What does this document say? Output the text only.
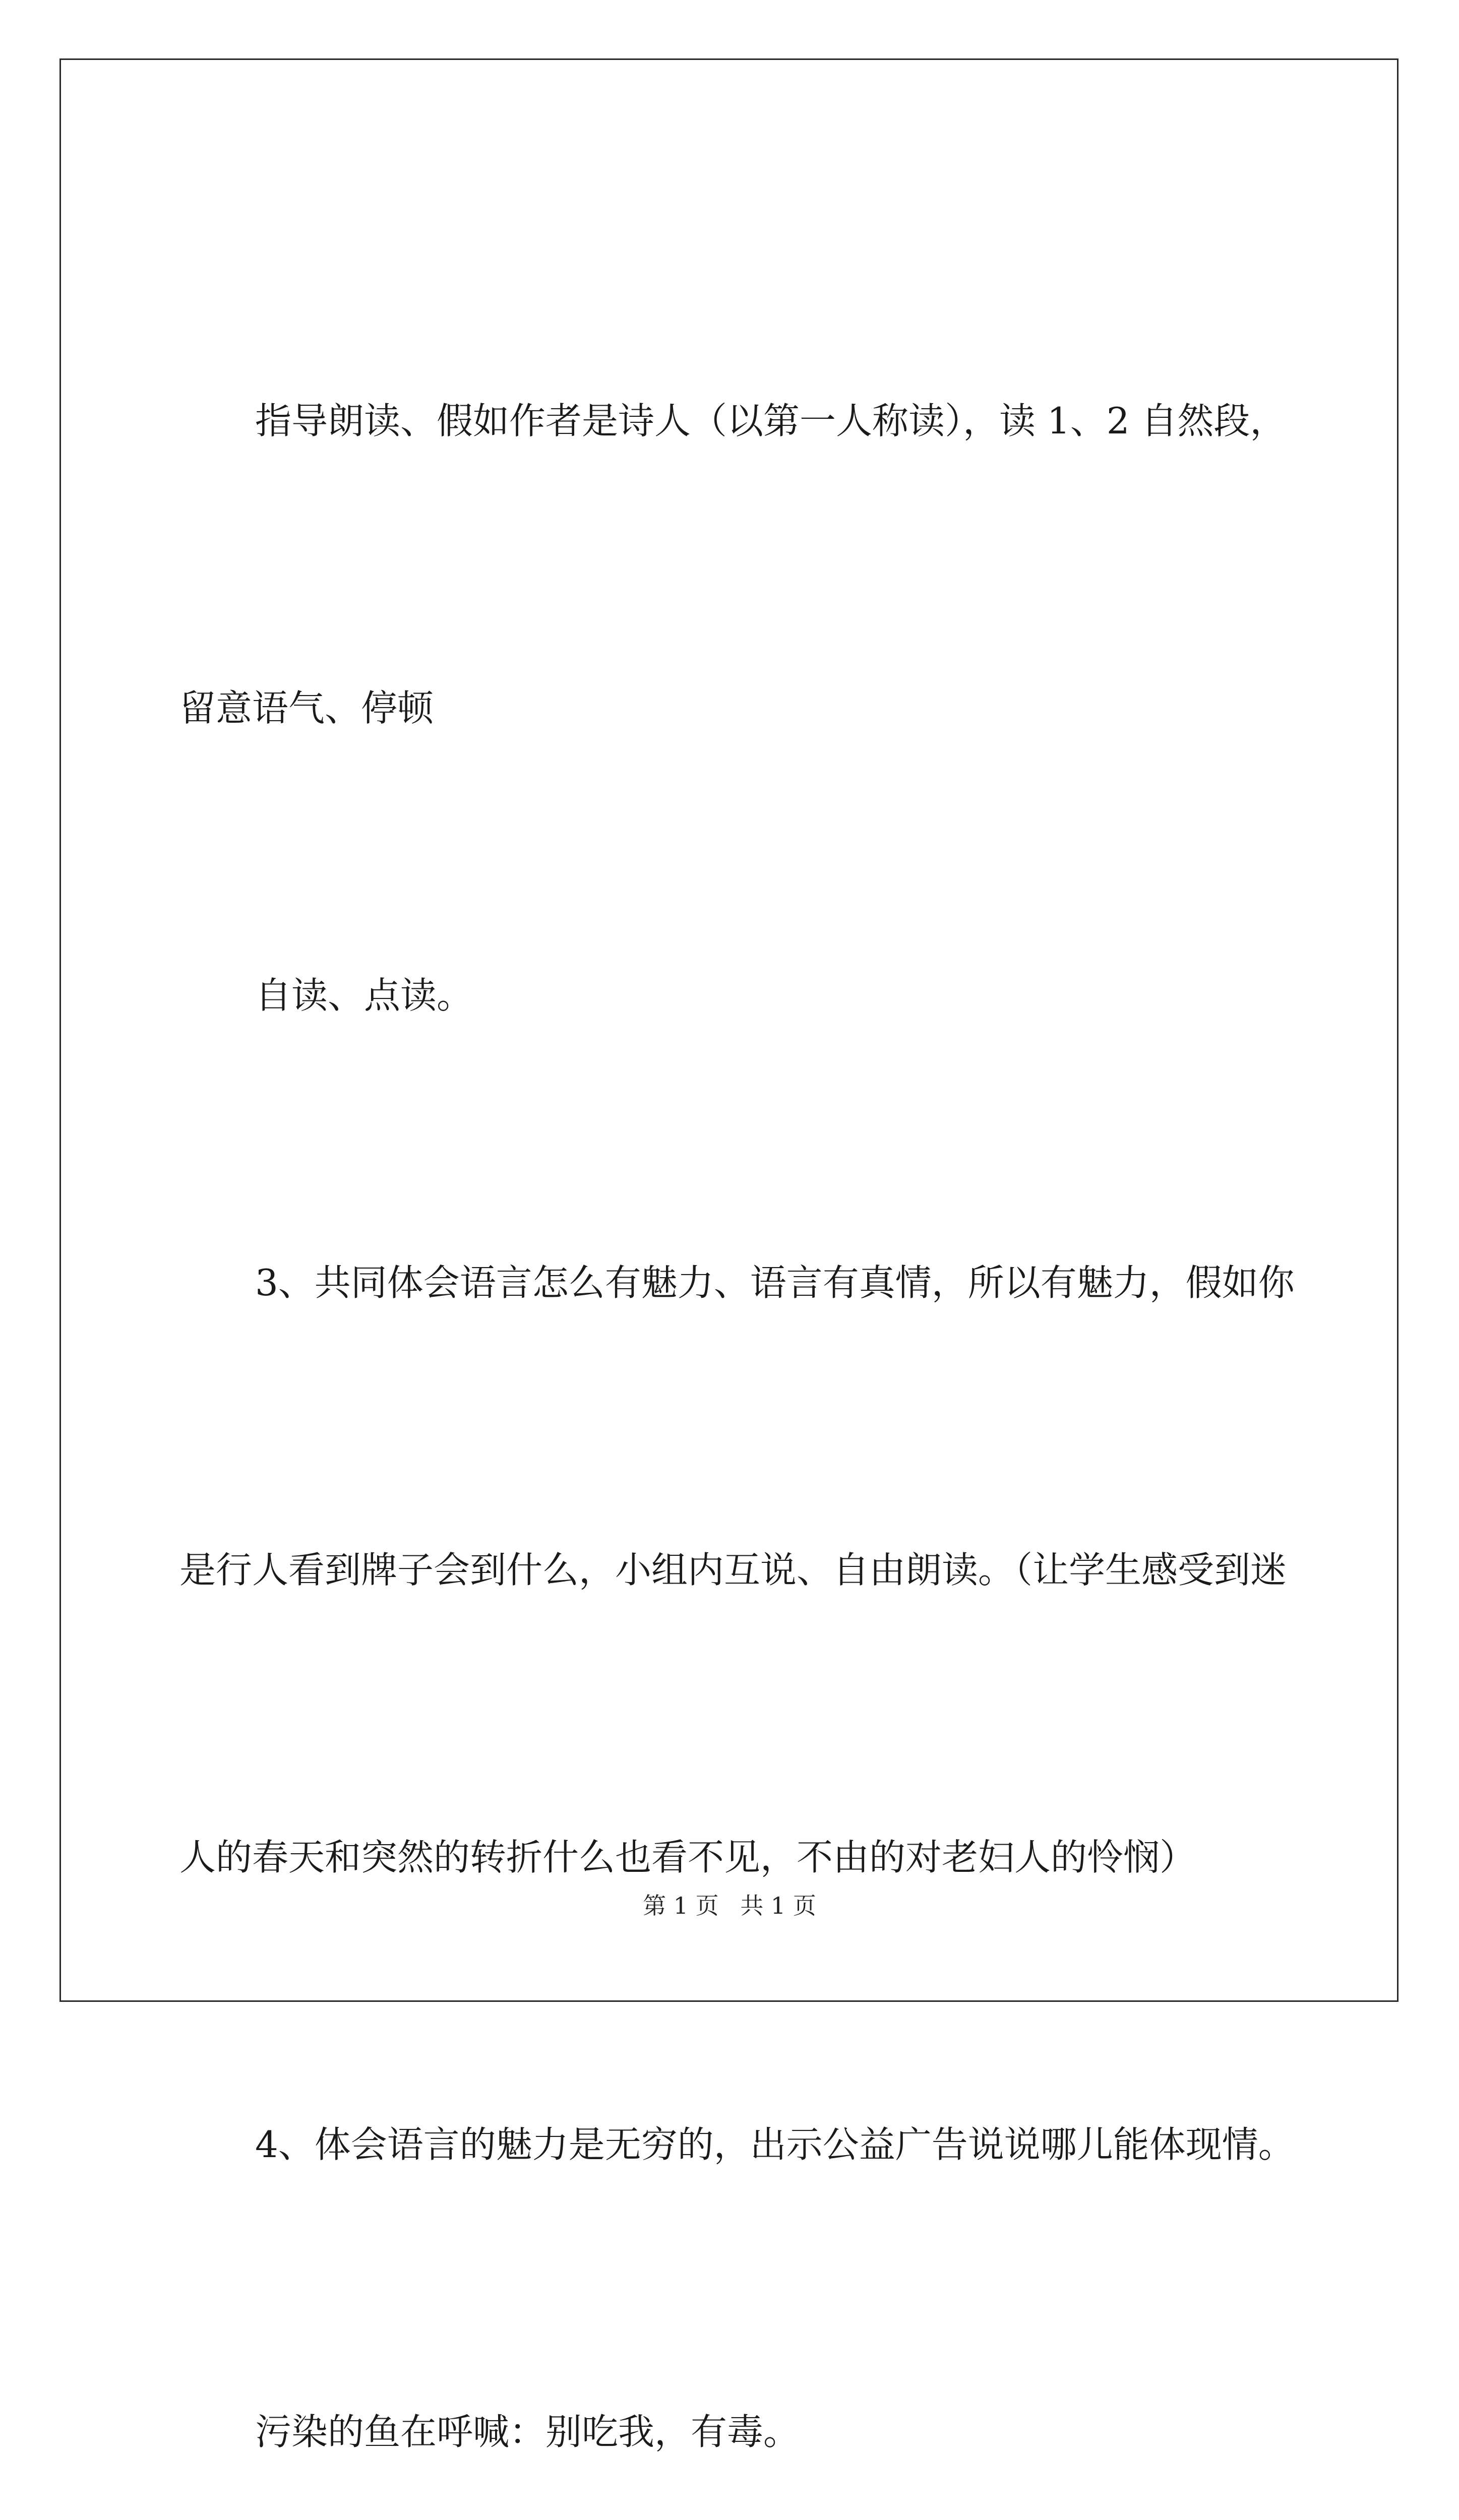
指导朗读、假如作者是诗人（以第一人称读），读 1、2 自然段，

留意语气、停顿

自读、点读。

3、共同体会语言怎么有魅力、语言有真情，所以有魅力，假如你

是行人看到牌子会到什么，小组内互说、自由朗读。（让学生感受到迷

人的春天和突然的转折什么也看不见，不由的对老妇人的怜悯）

4、体会语言的魅力是无穷的，出示公益广告说说哪儿能体现情。

污染的鱼在呼喊：别吃我，有毒。

第 1 页 共 1 页
